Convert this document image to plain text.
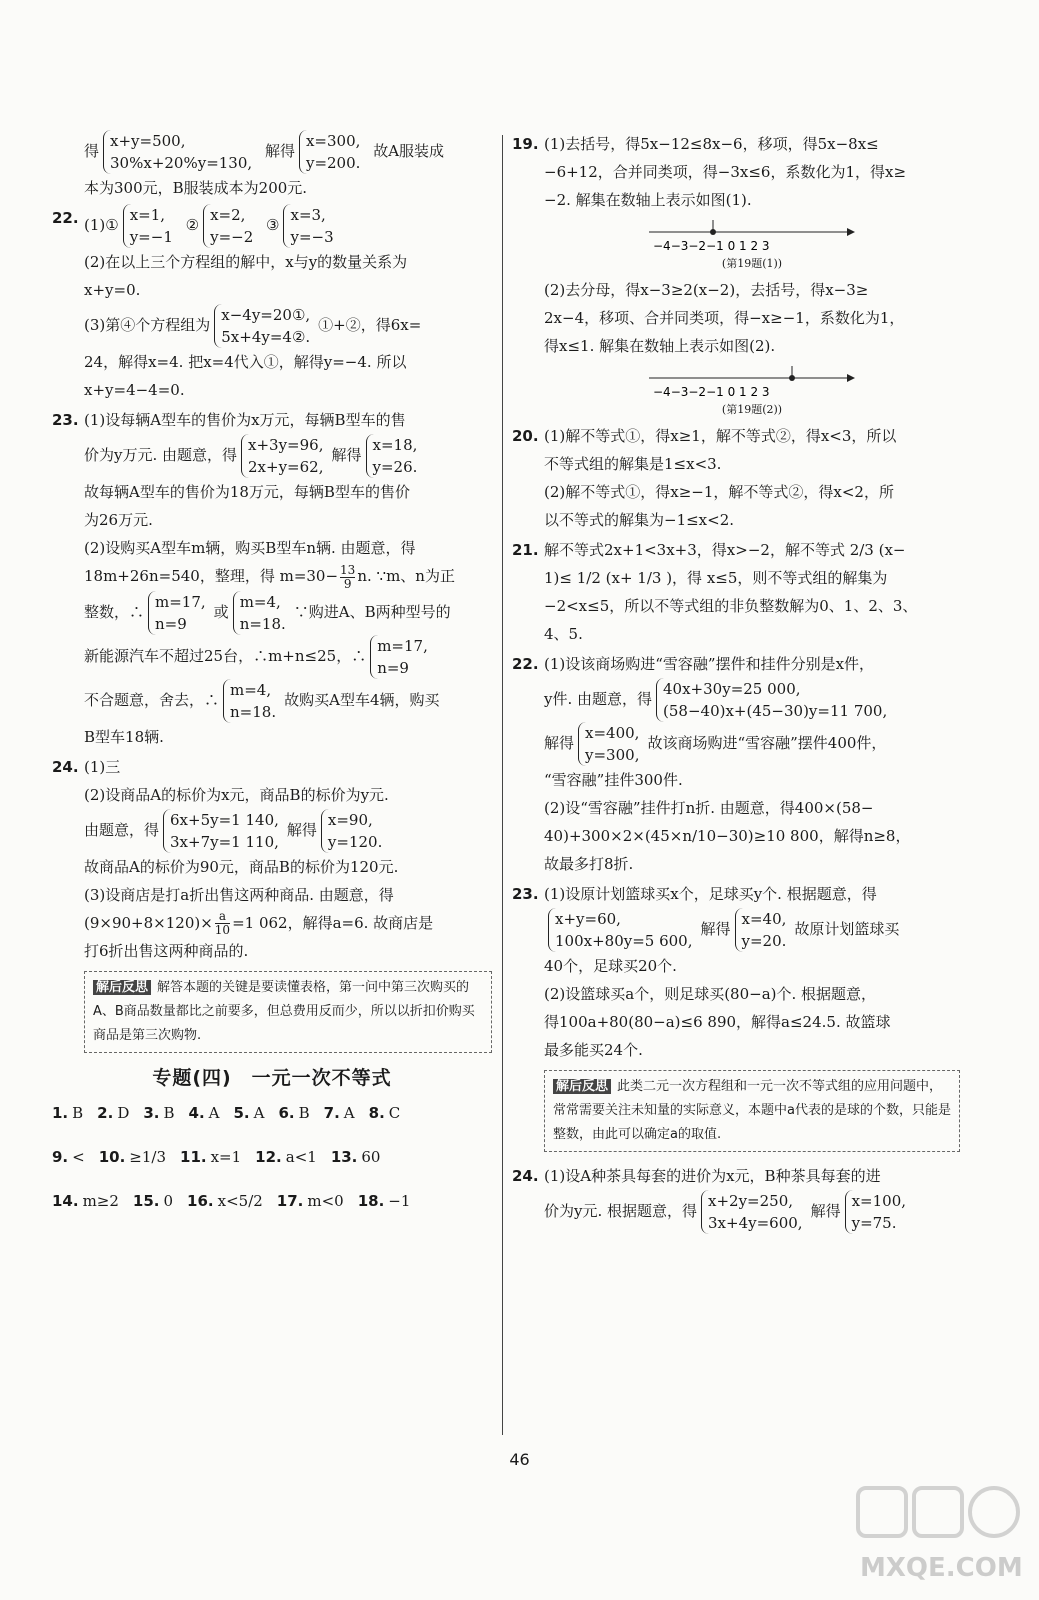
得
x+y=500,
30%x+20%y=130,
解得
x=300,
y=200.
故A服装成
本为300元，B服装成本为200元.
22. (1)①
x=1,
y=−1
②
x=2,
y=−2
③
x=3,
y=−3
(2)在以上三个方程组的解中，x与y的数量关系为
x+y=0.
(3)第④个方程组为
x−4y=20①,
5x+4y=4②.
①+②，得6x=
24，解得x=4. 把x=4代入①，解得y=−4. 所以
x+y=4−4=0.
23. (1)设每辆A型车的售价为x万元，每辆B型车的售
价为y万元. 由题意，得
x+3y=96,
2x+y=62,
解得
x=18,
y=26.
故每辆A型车的售价为18万元，每辆B型车的售价
为26万元.
(2)设购买A型车m辆，购买B型车n辆. 由题意，得
18m+26n=540，整理，得 $m=30- \frac{13}{9} n$. ∵m、n为正
整数，∴
m=17,
n=9
或
m=4,
n=18.
∵购进A、B两种型号的
新能源汽车不超过25台，∴m+n≤25，∴
m=17,
n=9
不合题意，舍去，∴
m=4,
n=18.
故购买A型车4辆，购买
B型车18辆.
24. (1)三
(2)设商品A的标价为x元，商品B的标价为y元.
由题意，得
6x+5y=1 140,
3x+7y=1 110,
解得
x=90,
y=120.
故商品A的标价为90元，商品B的标价为120元.
(3)设商店是打a折出售这两种商品. 由题意，得
$(9\times 90+8\times 120)\times \frac{a}{10} =1$ 062，解得a=6. 故商店是
打6折出售这两种商品的.
解后反思 解答本题的关键是要读懂表格，第一问中第三次购买的A、B商品数量都比之前要多，但总费用反而少，所以以折扣价购买商品是第三次购物.
专题(四)　一元一次不等式
1. B 2. D 3. B 4. A 5. A 6. B 7. A 8. C
9. < 10. ≥1/3 11. x=1 12. a<1 13. 60
14. m≥2 15. 0 16. x<5/2 17. m<0 18. −1
19. (1)去括号，得5x−12≤8x−6，移项，得5x−8x≤
−6+12，合并同类项，得−3x≤6，系数化为1，得x≥
−2. 解集在数轴上表示如图(1).
−4−3−2−1 0 1 2 3
(第19题(1))
(2)去分母，得x−3≥2(x−2)，去括号，得x−3≥
2x−4，移项、合并同类项，得−x≥−1，系数化为1，
得x≤1. 解集在数轴上表示如图(2).
−4−3−2−1 0 1 2 3
(第19题(2))
20. (1)解不等式①，得x≥1，解不等式②，得x<3，所以
不等式组的解集是1≤x<3.
(2)解不等式①，得x≥−1，解不等式②，得x<2，所
以不等式的解集为−1≤x<2.
21. 解不等式2x+1<3x+3，得x>−2，解不等式 2/3 (x−
1)≤ 1/2 (x+ 1/3 )，得 x≤5，则不等式组的解集为
−2<x≤5，所以不等式组的非负整数解为0、1、2、3、
4、5.
22. (1)设该商场购进“雪容融”摆件和挂件分别是x件，
y件. 由题意，得
40x+30y=25 000,
(58−40)x+(45−30)y=11 700,
解得
x=400,
y=300,
故该商场购进“雪容融”摆件400件，
“雪容融”挂件300件.
(2)设“雪容融”挂件打n折. 由题意，得400×(58−
40)+300×2×(45×n/10−30)≥10 800，解得n≥8，
故最多打8折.
23. (1)设原计划篮球买x个，足球买y个. 根据题意，得
x+y=60,
100x+80y=5 600,
解得
x=40,
y=20.
故原计划篮球买
40个，足球买20个.
(2)设篮球买a个，则足球买(80−a)个. 根据题意，
得100a+80(80−a)≤6 890，解得a≤24.5. 故篮球
最多能买24个.
解后反思 此类二元一次方程组和一元一次不等式组的应用问题中，常常需要关注未知量的实际意义，本题中a代表的是球的个数，只能是整数，由此可以确定a的取值.
24. (1)设A种茶具每套的进价为x元，B种茶具每套的进
价为y元. 根据题意，得
x+2y=250,
3x+4y=600,
解得
x=100,
y=75.
46
MXQE.COM
